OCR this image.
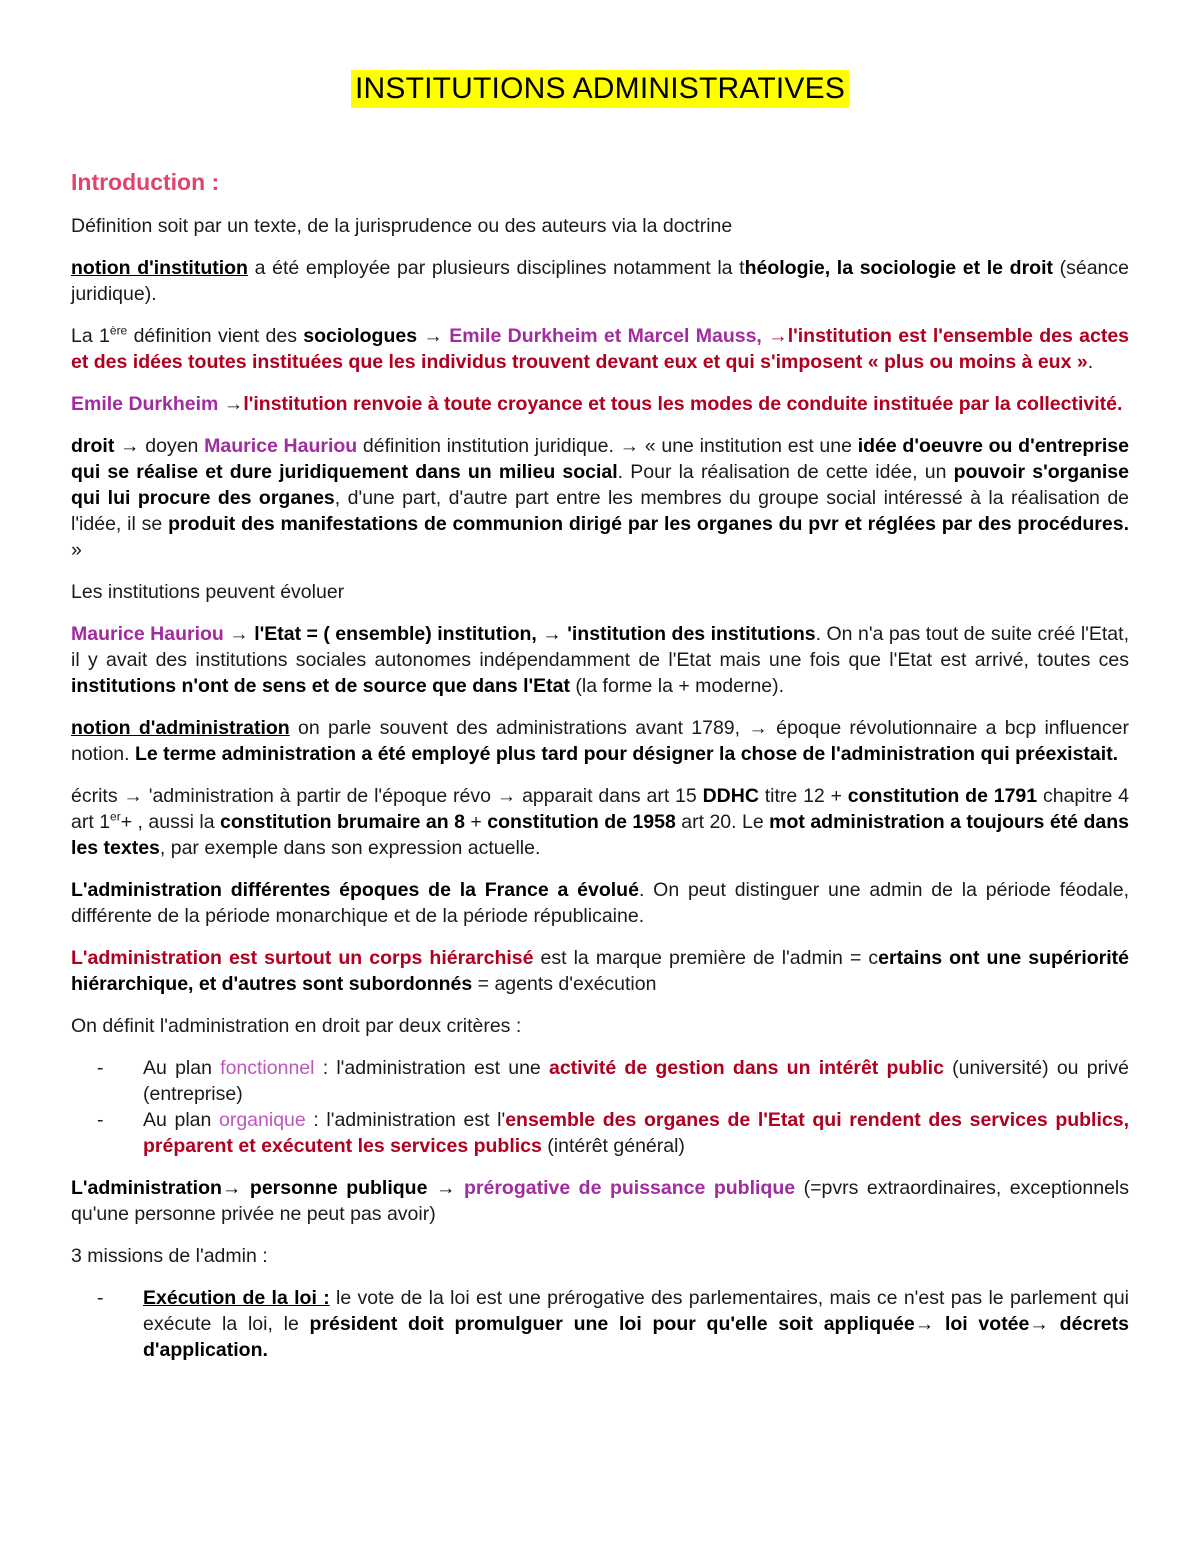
INSTITUTIONS ADMINISTRATIVES
Introduction :

Définition soit par un texte, de la jurisprudence ou des auteurs via la doctrine

notion d'institution a été employée par plusieurs disciplines notamment la théologie, la sociologie et le droit (séance juridique).

La 1ère définition vient des sociologues → Emile Durkheim et Marcel Mauss, →l'institution est l'ensemble des actes et des idées toutes instituées que les individus trouvent devant eux et qui s'imposent « plus ou moins à eux ».

Emile Durkheim →l'institution renvoie à toute croyance et tous les modes de conduite instituée par la collectivité.

droit → doyen Maurice Hauriou définition institution juridique. → « une institution est une idée d'oeuvre ou d'entreprise qui se réalise et dure juridiquement dans un milieu social. Pour la réalisation de cette idée, un pouvoir s'organise qui lui procure des organes, d'une part, d'autre part entre les membres du groupe social intéressé à la réalisation de l'idée, il se produit des manifestations de communion dirigé par les organes du pvr et réglées par des procédures. »

Les institutions peuvent évoluer

Maurice Hauriou → l'Etat = ( ensemble) institution, → 'institution des institutions. On n'a pas tout de suite créé l'Etat, il y avait des institutions sociales autonomes indépendamment de l'Etat mais une fois que l'Etat est arrivé, toutes ces institutions n'ont de sens et de source que dans l'Etat (la forme la + moderne).

notion d'administration on parle souvent des administrations avant 1789, → époque révolutionnaire a bcp influencer notion. Le terme administration a été employé plus tard pour désigner la chose de l'administration qui préexistait.

écrits → 'administration à partir de l'époque révo → apparait dans art 15 DDHC titre 12 + constitution de 1791 chapitre 4 art 1er+ , aussi la constitution brumaire an 8 + constitution de 1958 art 20. Le mot administration a toujours été dans les textes, par exemple dans son expression actuelle.

L'administration différentes époques de la France a évolué. On peut distinguer une admin de la période féodale, différente de la période monarchique et de la période républicaine.

L'administration est surtout un corps hiérarchisé est la marque première de l'admin = certains ont une supériorité hiérarchique, et d'autres sont subordonnés = agents d'exécution

On définit l'administration en droit par deux critères :

- Au plan fonctionnel : l'administration est une activité de gestion dans un intérêt public (université) ou privé (entreprise)
- Au plan organique : l'administration est l'ensemble des organes de l'Etat qui rendent des services publics, préparent et exécutent les services publics (intérêt général)

L'administration→ personne publique → prérogative de puissance publique (=pvrs extraordinaires, exceptionnels qu'une personne privée ne peut pas avoir)

3 missions de l'admin :

- Exécution de la loi : le vote de la loi est une prérogative des parlementaires, mais ce n'est pas le parlement qui exécute la loi, le président doit promulguer une loi pour qu'elle soit appliquée→ loi votée→ décrets d'application.
